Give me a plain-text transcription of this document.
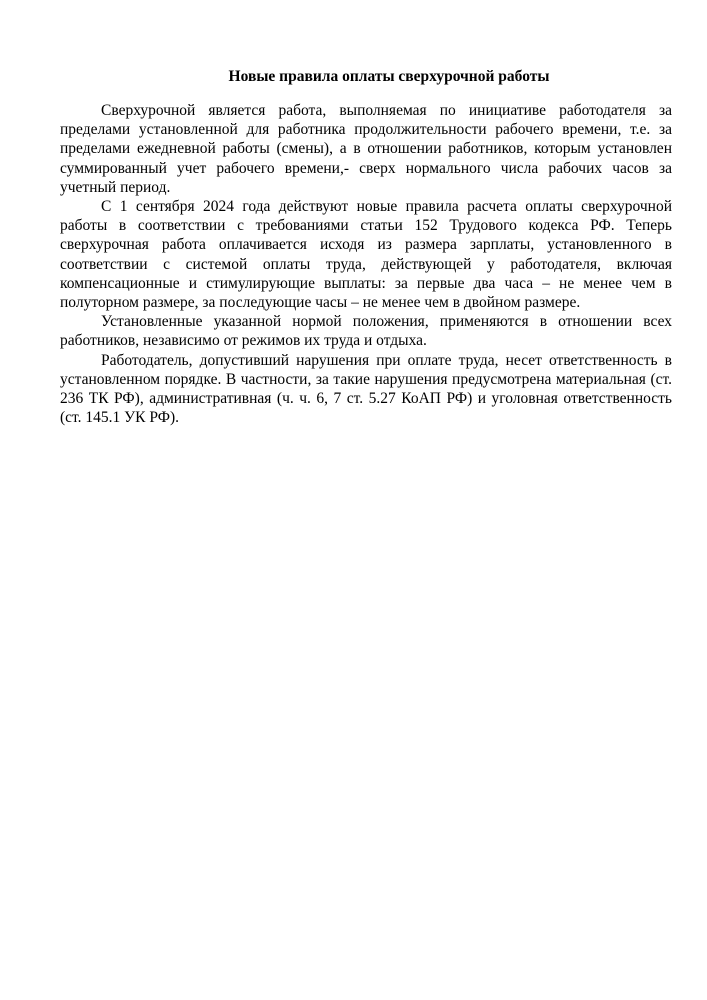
Новые правила оплаты сверхурочной работы

Сверхурочной является работа, выполняемая по инициативе работодателя за пределами установленной для работника продолжительности рабочего времени, т.е. за пределами ежедневной работы (смены), а в отношении работников, которым установлен суммированный учет рабочего времени,- сверх нормального числа рабочих часов за учетный период.

С 1 сентября 2024 года действуют новые правила расчета оплаты сверхурочной работы в соответствии с требованиями статьи 152 Трудового кодекса РФ. Теперь сверхурочная работа оплачивается исходя из размера зарплаты, установленного в соответствии с системой оплаты труда, действующей у работодателя, включая компенсационные и стимулирующие выплаты: за первые два часа – не менее чем в полуторном размере, за последующие часы – не менее чем в двойном размере.

Установленные указанной нормой положения, применяются в отношении всех работников, независимо от режимов их труда и отдыха.

Работодатель, допустивший нарушения при оплате труда, несет ответственность в установленном порядке. В частности, за такие нарушения предусмотрена материальная (ст. 236 ТК РФ), административная (ч. ч. 6, 7 ст. 5.27 КоАП РФ) и уголовная ответственность (ст. 145.1 УК РФ).
